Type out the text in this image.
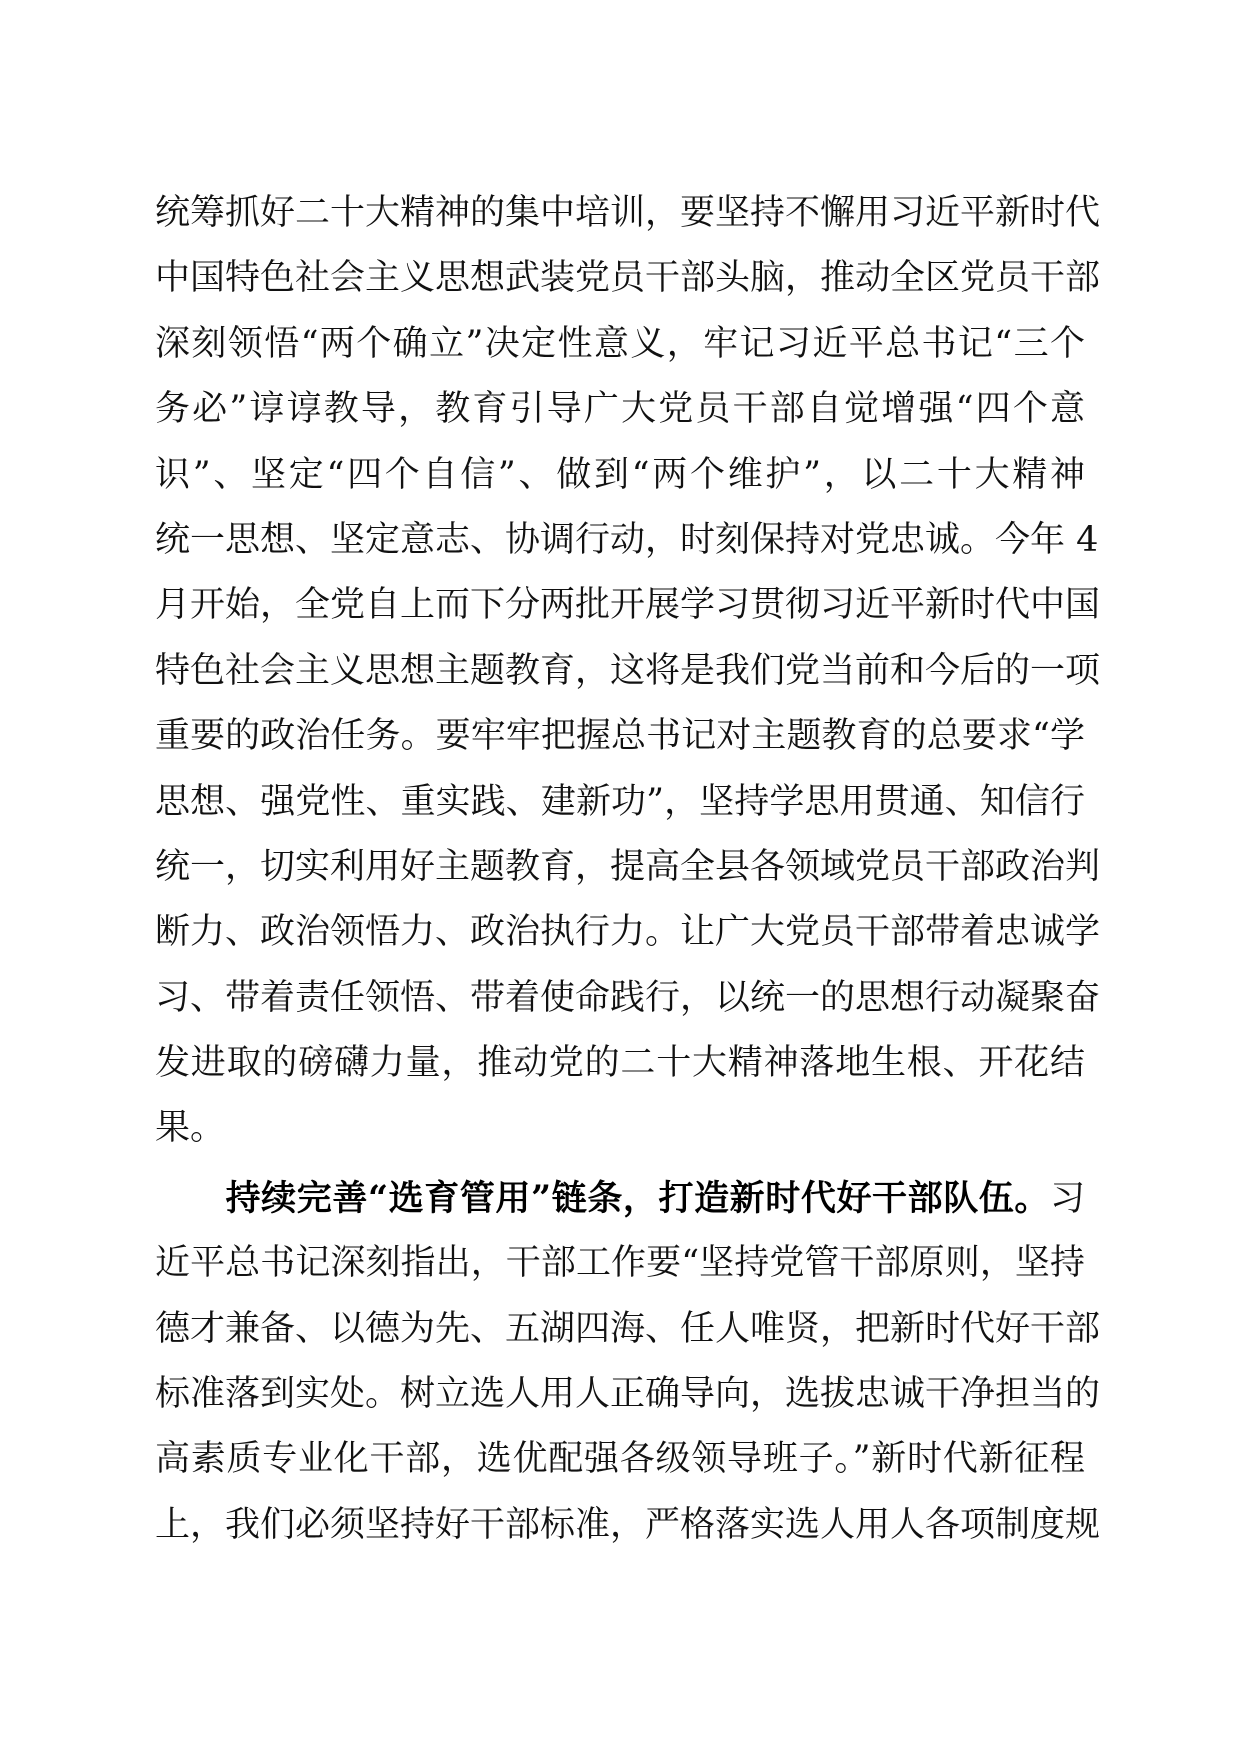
统筹抓好二十大精神的集中培训，要坚持不懈用习近平新时代
中国特色社会主义思想武装党员干部头脑，推动全区党员干部
深刻领悟“两个确立”决定性意义，牢记习近平总书记“三个
务必”谆谆教导，教育引导广大党员干部自觉增强“四个意
识”、坚定“四个自信”、做到“两个维护”，以二十大精神
统一思想、坚定意志、协调行动，时刻保持对党忠诚。今年 4
月开始，全党自上而下分两批开展学习贯彻习近平新时代中国
特色社会主义思想主题教育，这将是我们党当前和今后的一项
重要的政治任务。要牢牢把握总书记对主题教育的总要求“学
思想、强党性、重实践、建新功”，坚持学思用贯通、知信行
统一，切实利用好主题教育，提高全县各领域党员干部政治判
断力、政治领悟力、政治执行力。让广大党员干部带着忠诚学
习、带着责任领悟、带着使命践行，以统一的思想行动凝聚奋
发进取的磅礴力量，推动党的二十大精神落地生根、开花结
果。
持续完善“选育管用”链条，打造新时代好干部队伍。习
近平总书记深刻指出，干部工作要“坚持党管干部原则，坚持
德才兼备、以德为先、五湖四海、任人唯贤，把新时代好干部
标准落到实处。树立选人用人正确导向，选拔忠诚干净担当的
高素质专业化干部，选优配强各级领导班子。”新时代新征程
上，我们必须坚持好干部标准，严格落实选人用人各项制度规
